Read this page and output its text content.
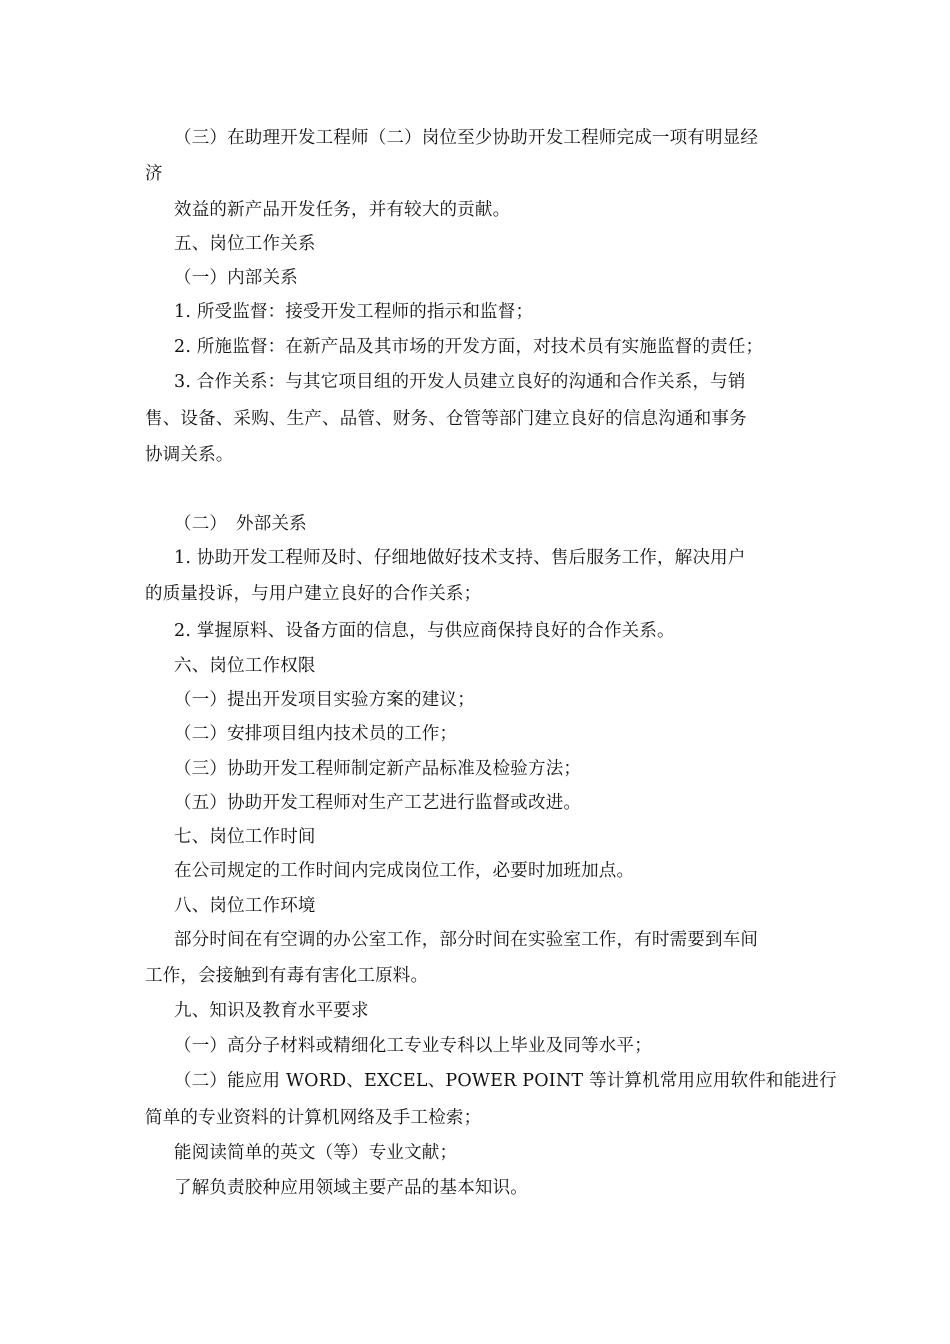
（三）在助理开发工程师（二）岗位至少协助开发工程师完成一项有明显经
济
效益的新产品开发任务，并有较大的贡献。
五、岗位工作关系
（一）内部关系
1. 所受监督：接受开发工程师的指示和监督；
2. 所施监督：在新产品及其市场的开发方面，对技术员有实施监督的责任；
3. 合作关系：与其它项目组的开发人员建立良好的沟通和合作关系，与销
售、设备、采购、生产、品管、财务、仓管等部门建立良好的信息沟通和事务
协调关系。
（二）　外部关系
1. 协助开发工程师及时、仔细地做好技术支持、售后服务工作，解决用户
的质量投诉，与用户建立良好的合作关系；
2. 掌握原料、设备方面的信息，与供应商保持良好的合作关系。
六、岗位工作权限
（一）提出开发项目实验方案的建议；
（二）安排项目组内技术员的工作；
（三）协助开发工程师制定新产品标准及检验方法；
（五）协助开发工程师对生产工艺进行监督或改进。
七、岗位工作时间
在公司规定的工作时间内完成岗位工作，必要时加班加点。
八、岗位工作环境
部分时间在有空调的办公室工作，部分时间在实验室工作，有时需要到车间
工作，会接触到有毒有害化工原料。
九、知识及教育水平要求
（一）高分子材料或精细化工专业专科以上毕业及同等水平；
（二）能应用 WORD、EXCEL、POWER POINT 等计算机常用应用软件和能进行
简单的专业资料的计算机网络及手工检索；
能阅读简单的英文（等）专业文献；
了解负责胶种应用领域主要产品的基本知识。
